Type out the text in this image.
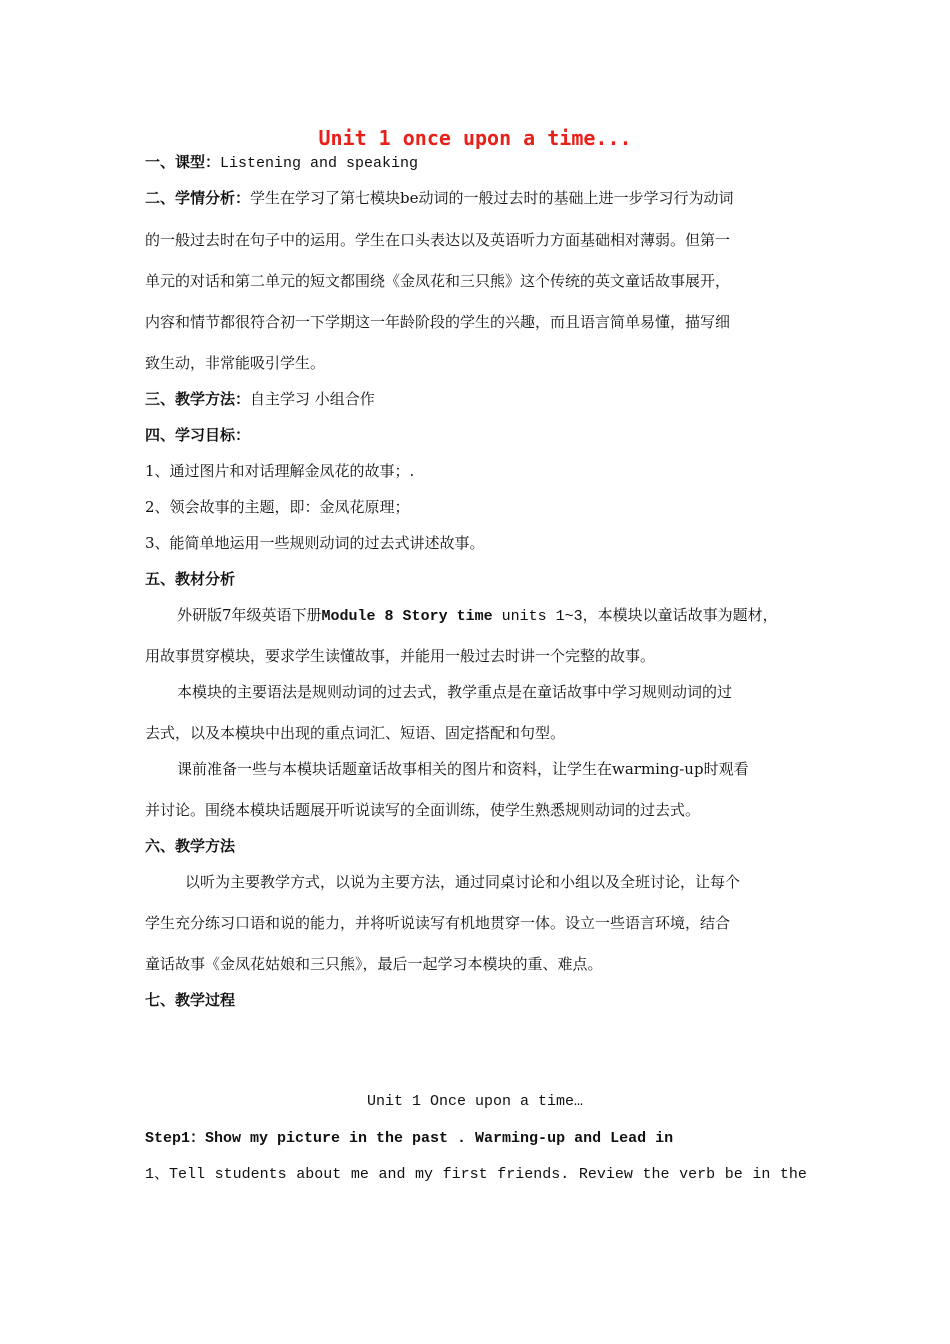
Unit 1 once upon a time...
一、课型：Listening and speaking
二、学情分析：学生在学习了第七模块be动词的一般过去时的基础上进一步学习行为动词
的一般过去时在句子中的运用。学生在口头表达以及英语听力方面基础相对薄弱。但第一
单元的对话和第二单元的短文都围绕《金凤花和三只熊》这个传统的英文童话故事展开，
内容和情节都很符合初一下学期这一年龄阶段的学生的兴趣，而且语言简单易懂，描写细
致生动，非常能吸引学生。
三、教学方法：自主学习 小组合作
四、学习目标：
1、通过图片和对话理解金凤花的故事；.
2、领会故事的主题，即：金凤花原理；
3、能简单地运用一些规则动词的过去式讲述故事。
五、教材分析
外研版7年级英语下册Module 8 Story time units 1~3，本模块以童话故事为题材，
用故事贯穿模块，要求学生读懂故事，并能用一般过去时讲一个完整的故事。
本模块的主要语法是规则动词的过去式，教学重点是在童话故事中学习规则动词的过
去式，以及本模块中出现的重点词汇、短语、固定搭配和句型。
课前准备一些与本模块话题童话故事相关的图片和资料，让学生在warming-up时观看
并讨论。围绕本模块话题展开听说读写的全面训练，使学生熟悉规则动词的过去式。
六、教学方法
以听为主要教学方式，以说为主要方法，通过同桌讨论和小组以及全班讨论，让每个
学生充分练习口语和说的能力，并将听说读写有机地贯穿一体。设立一些语言环境，结合
童话故事《金凤花姑娘和三只熊》，最后一起学习本模块的重、难点。
七、教学过程
Unit 1 Once upon a time…
Step1：Show my picture in the past . Warming-up and Lead in
1、Tell students about me and my first friends. Review the verb be in the
